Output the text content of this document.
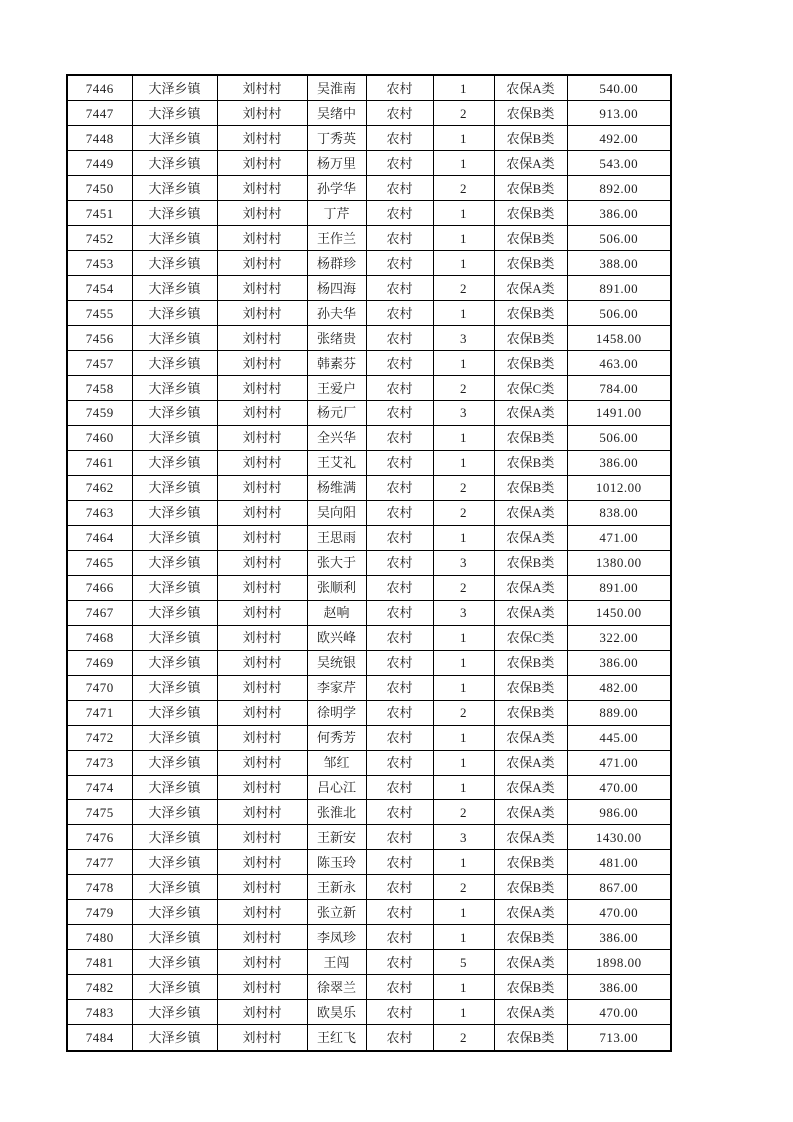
7446	大泽乡镇	刘村村	吴淮南	农村	1	农保A类	540.00
7447	大泽乡镇	刘村村	吴绪中	农村	2	农保B类	913.00
7448	大泽乡镇	刘村村	丁秀英	农村	1	农保B类	492.00
7449	大泽乡镇	刘村村	杨万里	农村	1	农保A类	543.00
7450	大泽乡镇	刘村村	孙学华	农村	2	农保B类	892.00
7451	大泽乡镇	刘村村	丁芹	农村	1	农保B类	386.00
7452	大泽乡镇	刘村村	王作兰	农村	1	农保B类	506.00
7453	大泽乡镇	刘村村	杨群珍	农村	1	农保B类	388.00
7454	大泽乡镇	刘村村	杨四海	农村	2	农保A类	891.00
7455	大泽乡镇	刘村村	孙夫华	农村	1	农保B类	506.00
7456	大泽乡镇	刘村村	张绪贵	农村	3	农保B类	1458.00
7457	大泽乡镇	刘村村	韩素芬	农村	1	农保B类	463.00
7458	大泽乡镇	刘村村	王爱户	农村	2	农保C类	784.00
7459	大泽乡镇	刘村村	杨元厂	农村	3	农保A类	1491.00
7460	大泽乡镇	刘村村	全兴华	农村	1	农保B类	506.00
7461	大泽乡镇	刘村村	王艾礼	农村	1	农保B类	386.00
7462	大泽乡镇	刘村村	杨维满	农村	2	农保B类	1012.00
7463	大泽乡镇	刘村村	吴向阳	农村	2	农保A类	838.00
7464	大泽乡镇	刘村村	王思雨	农村	1	农保A类	471.00
7465	大泽乡镇	刘村村	张大于	农村	3	农保B类	1380.00
7466	大泽乡镇	刘村村	张顺利	农村	2	农保A类	891.00
7467	大泽乡镇	刘村村	赵响	农村	3	农保A类	1450.00
7468	大泽乡镇	刘村村	欧兴峰	农村	1	农保C类	322.00
7469	大泽乡镇	刘村村	吴统银	农村	1	农保B类	386.00
7470	大泽乡镇	刘村村	李家芹	农村	1	农保B类	482.00
7471	大泽乡镇	刘村村	徐明学	农村	2	农保B类	889.00
7472	大泽乡镇	刘村村	何秀芳	农村	1	农保A类	445.00
7473	大泽乡镇	刘村村	邹红	农村	1	农保A类	471.00
7474	大泽乡镇	刘村村	吕心江	农村	1	农保A类	470.00
7475	大泽乡镇	刘村村	张淮北	农村	2	农保A类	986.00
7476	大泽乡镇	刘村村	王新安	农村	3	农保A类	1430.00
7477	大泽乡镇	刘村村	陈玉玲	农村	1	农保B类	481.00
7478	大泽乡镇	刘村村	王新永	农村	2	农保B类	867.00
7479	大泽乡镇	刘村村	张立新	农村	1	农保A类	470.00
7480	大泽乡镇	刘村村	李凤珍	农村	1	农保B类	386.00
7481	大泽乡镇	刘村村	王闯	农村	5	农保A类	1898.00
7482	大泽乡镇	刘村村	徐翠兰	农村	1	农保B类	386.00
7483	大泽乡镇	刘村村	欧昊乐	农村	1	农保A类	470.00
7484	大泽乡镇	刘村村	王红飞	农村	2	农保B类	713.00
